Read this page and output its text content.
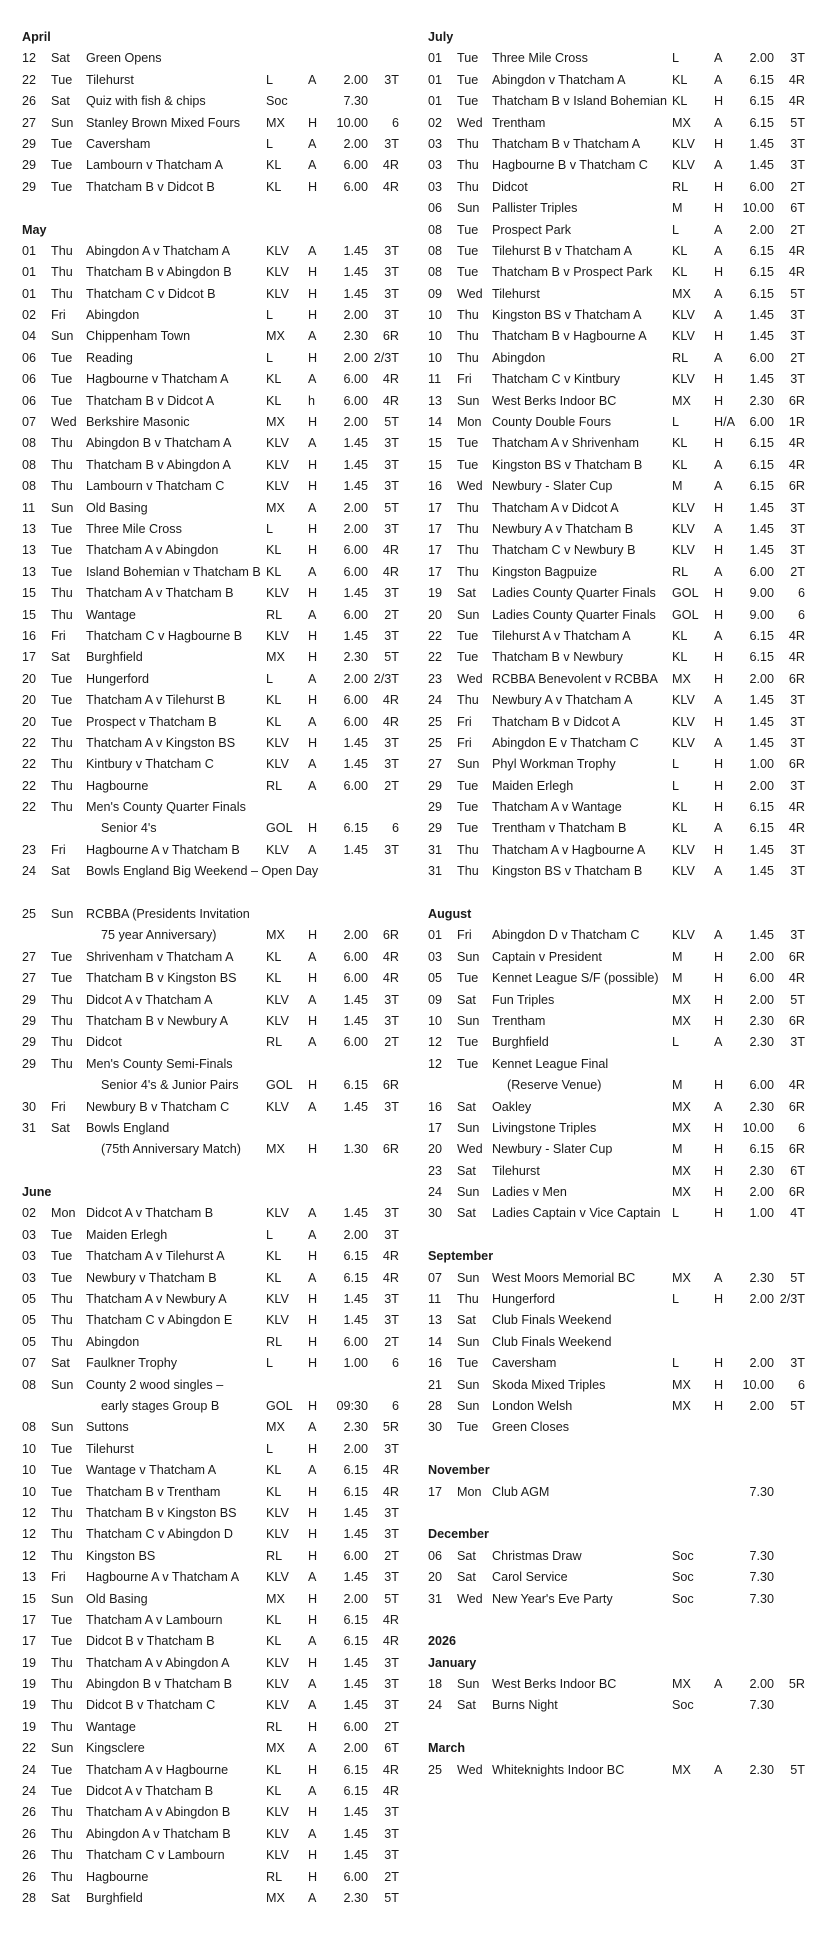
April
12 Sat Green Opens
22 Tue Tilehurst	L	A	2.00	3T
26 Sat Quiz with fish & chips	Soc	7.30
27 Sun Stanley Brown Mixed Fours MX H	10.00	6
29 Tue Caversham	L	A	2.00	3T
29 Tue Lambourn v Thatcham A	KL A	6.00	4R
29 Tue Thatcham B v Didcot B	KL H	6.00	4R
May
01 Thu Abingdon A v Thatcham A	KLV A	1.45	3T
01 Thu Thatcham B v Abingdon B	KLV H	1.45	3T
01 Thu Thatcham C v Didcot B	KLV H	1.45	3T
02 Fri Abingdon	L	H	2.00	3T
04 Sun Chippenham Town	MX A	2.30	6R
06 Tue Reading	L	H	2.00 2/3T
06 Tue Hagbourne v Thatcham A	KL A	6.00	4R
06 Tue Thatcham B v Didcot A	KL h	6.00	4R
07 Wed Berkshire Masonic	MX H	2.00	5T
08 Thu Abingdon B v Thatcham A	KLV A	1.45	3T
08 Thu Thatcham B v Abingdon A	KLV H	1.45	3T
08 Thu Lambourn v Thatcham C	KLV H	1.45	3T
11 Sun Old Basing	MX A	2.00	5T
13 Tue Three Mile Cross	L	H	2.00	3T
13 Tue Thatcham A v Abingdon	KL H	6.00	4R
13 Tue Island Bohemian v Thatcham B KL A	6.00	4R
15 Thu Thatcham A v Thatcham B	KLV H	1.45	3T
15 Thu Wantage	RL A	6.00	2T
16 Fri Thatcham C v Hagbourne B KLV H	1.45	3T
17 Sat Burghfield	MX H	2.30	5T
20 Tue Hungerford	L	A	2.00 2/3T
20 Tue Thatcham A v Tilehurst B	KL H	6.00	4R
20 Tue Prospect v Thatcham B	KL A	6.00	4R
22 Thu Thatcham A v Kingston BS KLV H	1.45	3T
22 Thu Kintbury v Thatcham C	KLV A	1.45	3T
22 Thu Hagbourne	RL A	6.00	2T
22 Thu Men's County Quarter Finals
Senior 4's	GOL H	6.15	6
23 Fri Hagbourne A v Thatcham B KLV A	1.45	3T
24 Sat Bowls England Big Weekend – Open Day
25 Sun RCBBA (Presidents Invitation
75 year Anniversary)	MX H	2.00	6R
27 Tue Shrivenham v Thatcham A	KL A	6.00	4R
27 Tue Thatcham B v Kingston BS KL H	6.00	4R
29 Thu Didcot A v Thatcham A	KLV A	1.45	3T
29 Thu Thatcham B v Newbury A	KLV H	1.45	3T
29 Thu Didcot	RL A	6.00	2T
29 Thu Men's County Semi-Finals
Senior 4's & Junior Pairs GOL H	6.15	6R
30 Fri Newbury B v Thatcham C	KLV A	1.45	3T
31 Sat Bowls England
(75th Anniversary Match) MX H	1.30	6R
June
02 Mon Didcot A v Thatcham B	KLV A	1.45	3T
03 Tue Maiden Erlegh	L	A	2.00	3T
03 Tue Thatcham A v Tilehurst A	KL H	6.15	4R
03 Tue Newbury v Thatcham B	KL A	6.15	4R
05 Thu Thatcham A v Newbury A	KLV H	1.45	3T
05 Thu Thatcham C v Abingdon E	KLV H	1.45	3T
05 Thu Abingdon	RL H	6.00	2T
07 Sat Faulkner Trophy	L	H	1.00	6
08 Sun County 2 wood singles –
early stages Group B	GOL H	09:30	6
08 Sun Suttons	MX A	2.30	5R
10 Tue Tilehurst	L	H	2.00	3T
10 Tue Wantage v Thatcham A	KL A	6.15	4R
10 Tue Thatcham B v Trentham	KL H	6.15	4R
12 Thu Thatcham B v Kingston BS KLV H	1.45	3T
12 Thu Thatcham C v Abingdon D	KLV H	1.45	3T
12 Thu Kingston BS	RL H	6.00	2T
13 Fri Hagbourne A v Thatcham A KLV A	1.45	3T
15 Sun Old Basing	MX H	2.00	5T
17 Tue Thatcham A v Lambourn	KL H	6.15	4R
17 Tue Didcot B v Thatcham B	KL A	6.15	4R
19 Thu Thatcham A v Abingdon A	KLV H	1.45	3T
19 Thu Abingdon B v Thatcham B	KLV A	1.45	3T
19 Thu Didcot B v Thatcham C	KLV A	1.45	3T
19 Thu Wantage	RL H	6.00	2T
22 Sun Kingsclere	MX A	2.00	6T
24 Tue Thatcham A v Hagbourne	KL H	6.15	4R
24 Tue Didcot A v Thatcham B	KL A	6.15	4R
26 Thu Thatcham A v Abingdon B	KLV H	1.45	3T
26 Thu Abingdon A v Thatcham B	KLV A	1.45	3T
26 Thu Thatcham C v Lambourn	KLV H	1.45	3T
26 Thu Hagbourne	RL H	6.00	2T
28 Sat Burghfield	MX A	2.30	5T
July
01 Tue Three Mile Cross	L	A	2.00	3T
01 Tue Abingdon v Thatcham A	KL A	6.15	4R
01 Tue Thatcham B v Island Bohemian KL H	6.15	4R
02 Wed Trentham	MX A	6.15	5T
03 Thu Thatcham B v Thatcham A	KLV H	1.45	3T
03 Thu Hagbourne B v Thatcham C KLV A	1.45	3T
03 Thu Didcot	RL H	6.00	2T
06 Sun Pallister Triples	M	H	10.00	6T
08 Tue Prospect Park	L	A	2.00	2T
08 Tue Tilehurst B v Thatcham A	KL A	6.15	4R
08 Tue Thatcham B v Prospect Park KL H	6.15	4R
09 Wed Tilehurst	MX A	6.15	5T
10 Thu Kingston BS v Thatcham A KLV A	1.45	3T
10 Thu Thatcham B v Hagbourne A KLV H	1.45	3T
10 Thu Abingdon	RL A	6.00	2T
11 Fri Thatcham C v Kintbury	KLV H	1.45	3T
13 Sun West Berks Indoor BC	MX H	2.30	6R
14 Mon County Double Fours	L	H/A	6.00	1R
15 Tue Thatcham A v Shrivenham	KL H	6.15	4R
15 Tue Kingston BS v Thatcham B KL A	6.15	4R
16 Wed Newbury - Slater Cup	M	A	6.15	6R
17 Thu Thatcham A v Didcot A	KLV H	1.45	3T
17 Thu Newbury A v Thatcham B	KLV A	1.45	3T
17 Thu Thatcham C v Newbury B	KLV H	1.45	3T
17 Thu Kingston Bagpuize	RL A	6.00	2T
19 Sat Ladies County Quarter Finals GOL H	9.00	6
20 Sun Ladies County Quarter Finals GOL H	9.00	6
22 Tue Tilehurst A v Thatcham A	KL A	6.15	4R
22 Tue Thatcham B v Newbury	KL H	6.15	4R
23 Wed RCBBA Benevolent v RCBBA MX H	2.00	6R
24 Thu Newbury A v Thatcham A	KLV A	1.45	3T
25 Fri Thatcham B v Didcot A	KLV H	1.45	3T
25 Fri Abingdon E v Thatcham C	KLV A	1.45	3T
27 Sun Phyl Workman Trophy	L	H	1.00	6R
29 Tue Maiden Erlegh	L	H	2.00	3T
29 Tue Thatcham A v Wantage	KL H	6.15	4R
29 Tue Trentham v Thatcham B	KL A	6.15	4R
31 Thu Thatcham A v Hagbourne A KLV H	1.45	3T
31 Thu Kingston BS v Thatcham B KLV A	1.45	3T
August
01 Fri Abingdon D v Thatcham C	KLV A	1.45	3T
03 Sun Captain v President	M	H	2.00	6R
05 Tue Kennet League S/F (possible) M	H	6.00	4R
09 Sat Fun Triples	MX H	2.00	5T
10 Sun Trentham	MX H	2.30	6R
12 Tue Burghfield	L	A	2.30	3T
12 Tue Kennet League Final
(Reserve Venue)	M	H	6.00	4R
16 Sat Oakley	MX A	2.30	6R
17 Sun Livingstone Triples	MX H	10.00	6
20 Wed Newbury - Slater Cup	M	H	6.15	6R
23 Sat Tilehurst	MX H	2.30	6T
24 Sun Ladies v Men	MX H	2.00	6R
30 Sat Ladies Captain v Vice Captain L	H	1.00	4T
September
07 Sun West Moors Memorial BC	MX A	2.30	5T
11 Thu Hungerford	L	H	2.00 2/3T
13 Sat Club Finals Weekend
14 Sun Club Finals Weekend
16 Tue Caversham	L	H	2.00	3T
21 Sun Skoda Mixed Triples	MX H	10.00	6
28 Sun London Welsh	MX H	2.00	5T
30 Tue Green Closes
November
17 Mon Club AGM	7.30
December
06 Sat Christmas Draw	Soc	7.30
20 Sat Carol Service	Soc	7.30
31 Wed New Year's Eve Party	Soc	7.30
2026
January
18 Sun West Berks Indoor BC	MX A	2.00	5R
24 Sat Burns Night	Soc	7.30
March
25 Wed Whiteknights Indoor BC	MX A	2.30	5T
